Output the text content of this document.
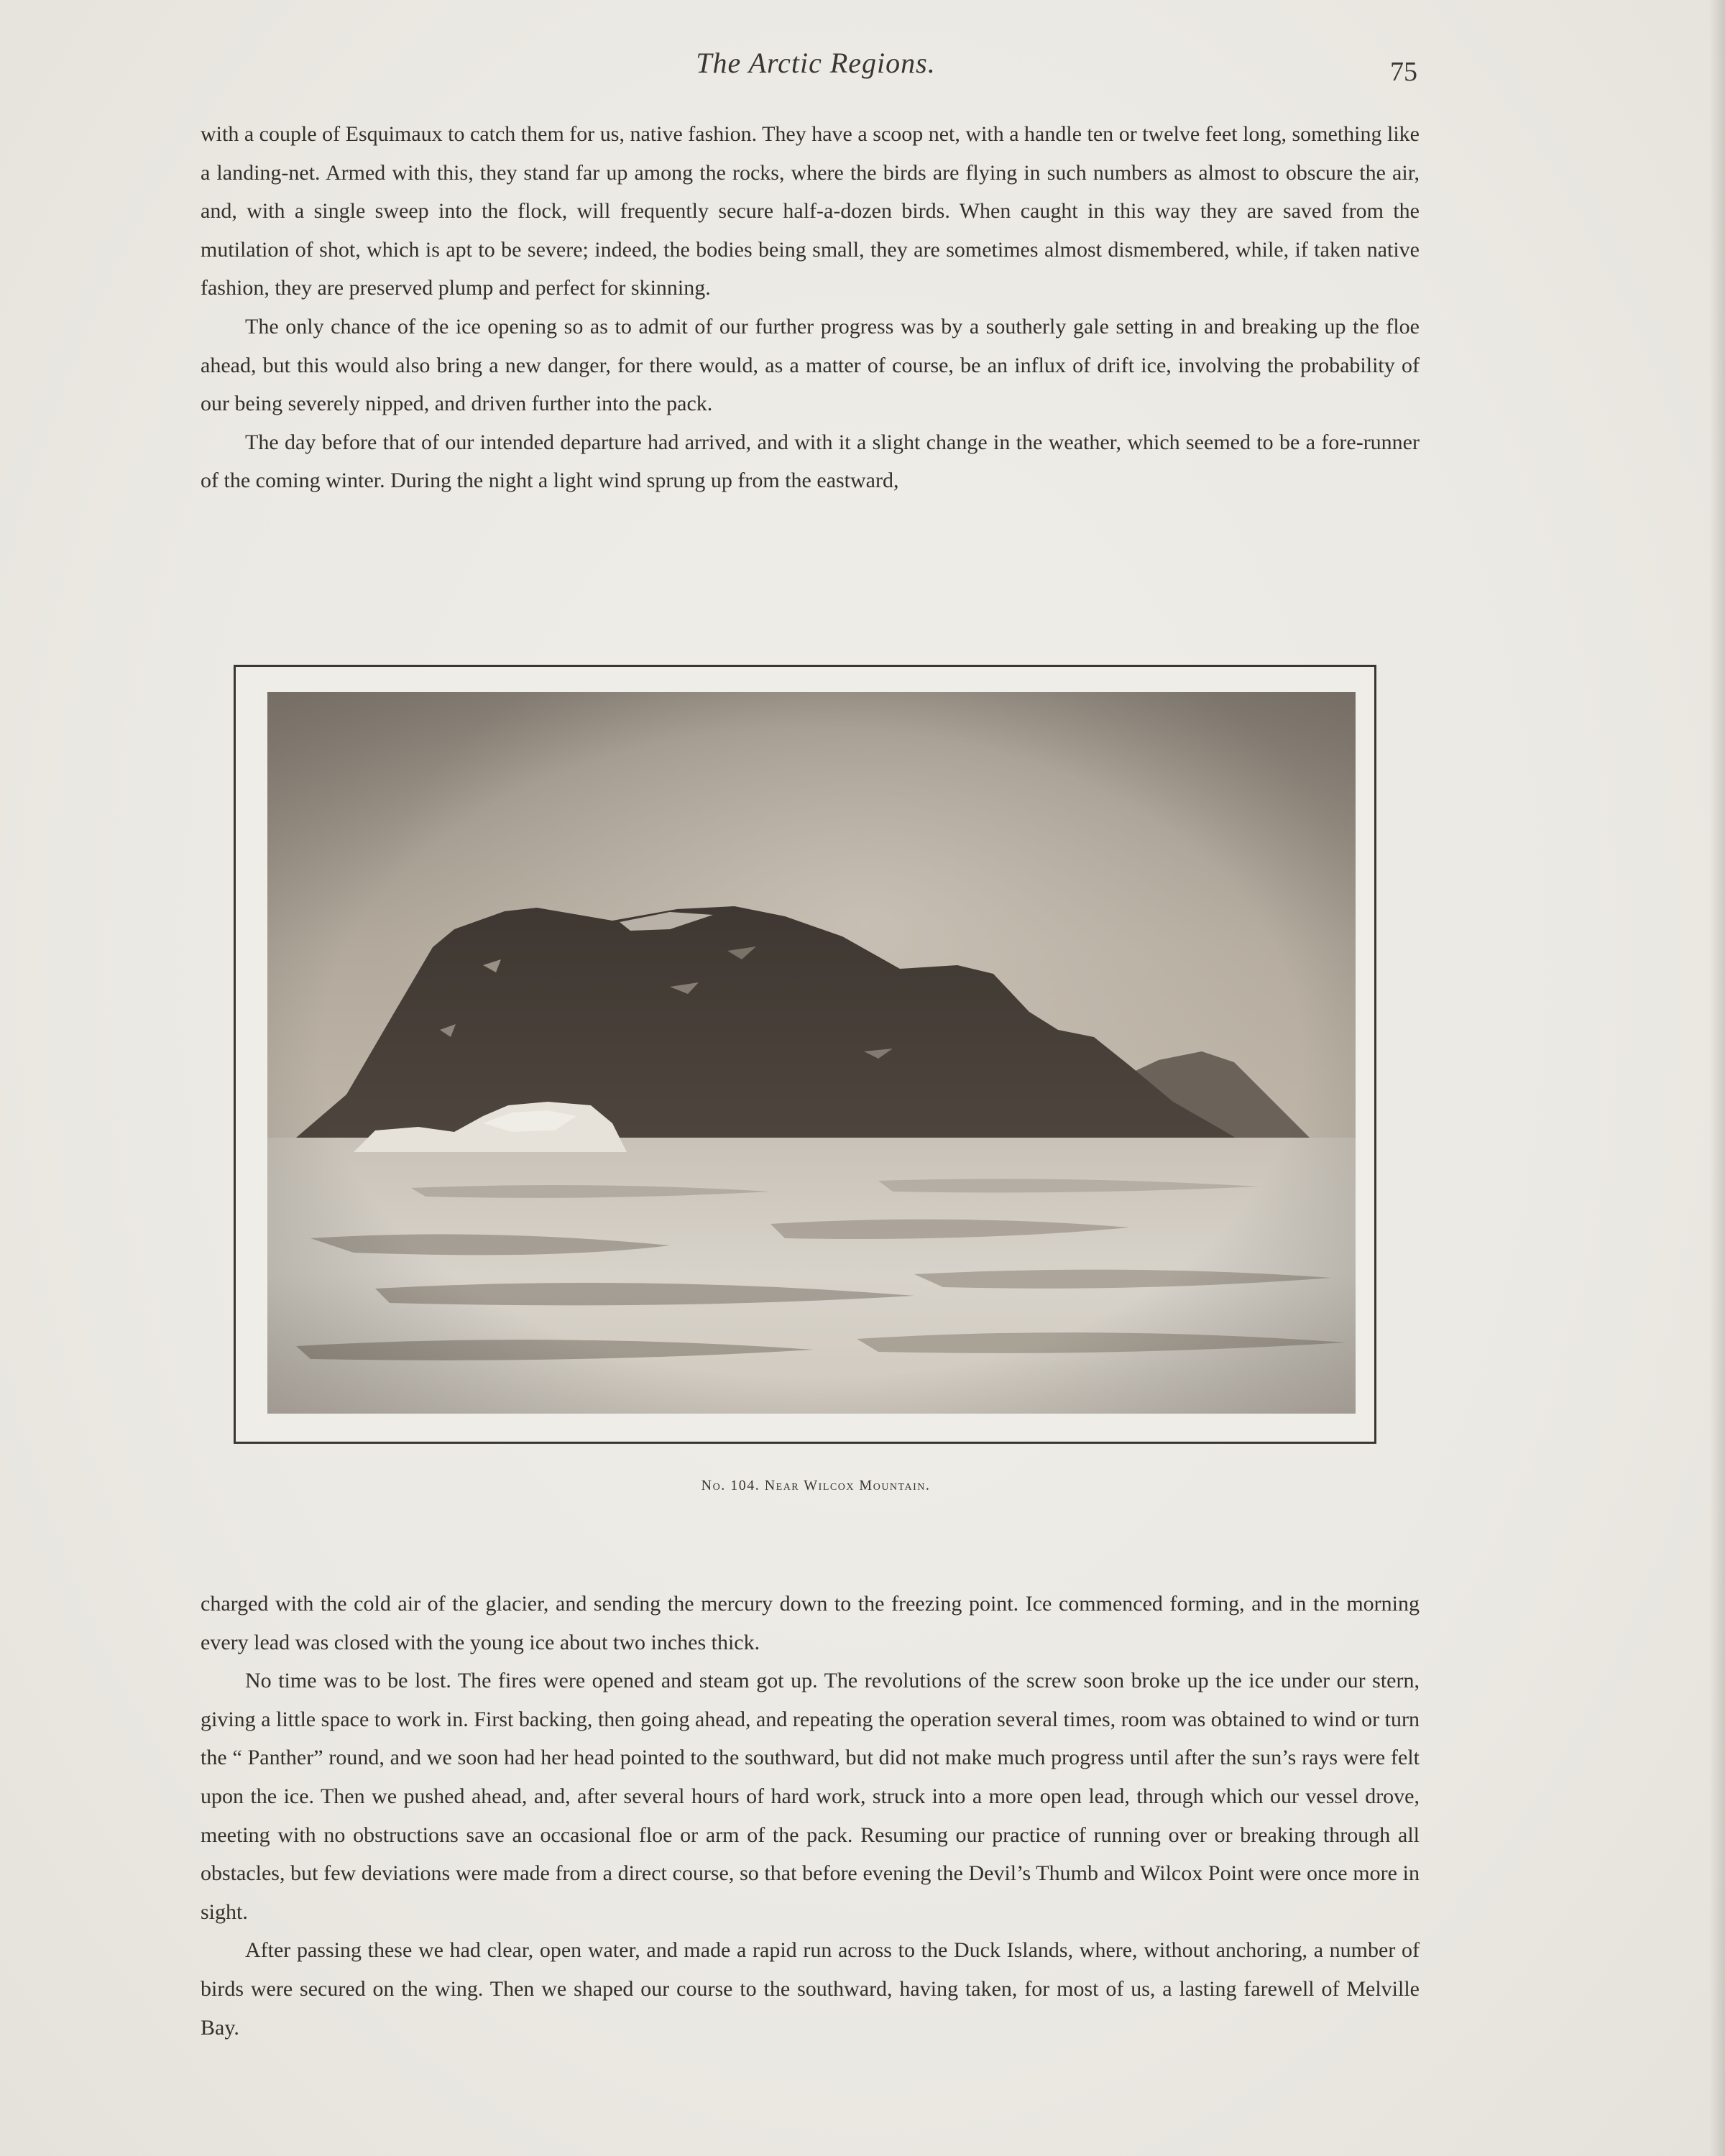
The Arctic Regions.	75

with a couple of Esquimaux to catch them for us, native fashion. They have a scoop net, with a handle ten or twelve feet long, something like a landing-net. Armed with this, they stand far up among the rocks, where the birds are flying in such numbers as almost to obscure the air, and, with a single sweep into the flock, will frequently secure half-a-dozen birds. When caught in this way they are saved from the mutilation of shot, which is apt to be severe; indeed, the bodies being small, they are sometimes almost dismembered, while, if taken native fashion, they are preserved plump and perfect for skinning.

The only chance of the ice opening so as to admit of our further progress was by a southerly gale setting in and breaking up the floe ahead, but this would also bring a new danger, for there would, as a matter of course, be an influx of drift ice, involving the probability of our being severely nipped, and driven further into the pack.

The day before that of our intended departure had arrived, and with it a slight change in the weather, which seemed to be a fore-runner of the coming winter. During the night a light wind sprung up from the eastward,

No. 104. Near Wilcox Mountain.

charged with the cold air of the glacier, and sending the mercury down to the freezing point. Ice commenced forming, and in the morning every lead was closed with the young ice about two inches thick.

No time was to be lost. The fires were opened and steam got up. The revolutions of the screw soon broke up the ice under our stern, giving a little space to work in. First backing, then going ahead, and repeating the operation several times, room was obtained to wind or turn the “ Panther” round, and we soon had her head pointed to the southward, but did not make much progress until after the sun’s rays were felt upon the ice. Then we pushed ahead, and, after several hours of hard work, struck into a more open lead, through which our vessel drove, meeting with no obstructions save an occasional floe or arm of the pack. Resuming our practice of running over or breaking through all obstacles, but few deviations were made from a direct course, so that before evening the Devil’s Thumb and Wilcox Point were once more in sight.

After passing these we had clear, open water, and made a rapid run across to the Duck Islands, where, without anchoring, a number of birds were secured on the wing. Then we shaped our course to the southward, having taken, for most of us, a lasting farewell of Melville Bay.
